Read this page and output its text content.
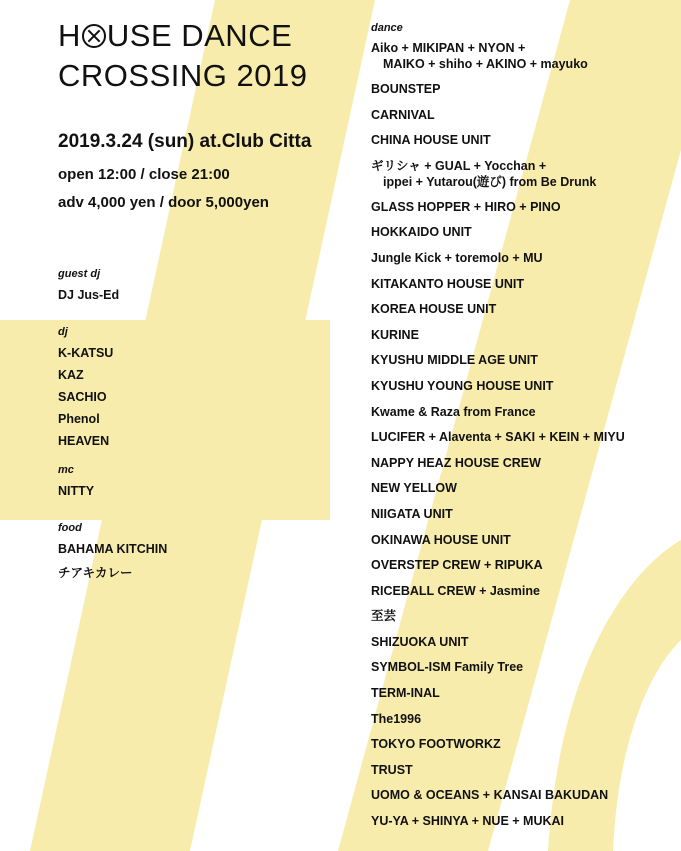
H USE DANCE
CROSSING 2019
2019.3.24 (sun) at.Club Citta
open 12:00 / close 21:00
adv 4,000 yen / door 5,000yen
guest dj
DJ Jus-Ed
dj
K-KATSU
KAZ
SACHIO
Phenol
HEAVEN
mc
NITTY
food
BAHAMA KITCHIN
チアキカレー
dance
Aiko + MIKIPAN + NYON +
MAIKO + shiho + AKINO + mayuko
BOUNSTEP
CARNIVAL
CHINA HOUSE UNIT
ギリシャ + GUAL + Yocchan +
ippei + Yutarou(遊び) from Be Drunk
GLASS HOPPER + HIRO + PINO
HOKKAIDO UNIT
Jungle Kick + toremolo + MU
KITAKANTO HOUSE UNIT
KOREA HOUSE UNIT
KURINE
KYUSHU MIDDLE AGE UNIT
KYUSHU YOUNG HOUSE UNIT
Kwame & Raza from France
LUCIFER + Alaventa + SAKI + KEIN + MIYU
NAPPY HEAZ HOUSE CREW
NEW YELLOW
NIIGATA UNIT
OKINAWA HOUSE UNIT
OVERSTEP CREW + RIPUKA
RICEBALL CREW + Jasmine
至芸
SHIZUOKA UNIT
SYMBOL-ISM Family Tree
TERM-INAL
The1996
TOKYO FOOTWORKZ
TRUST
UOMO & OCEANS + KANSAI BAKUDAN
YU-YA + SHINYA + NUE + MUKAI
